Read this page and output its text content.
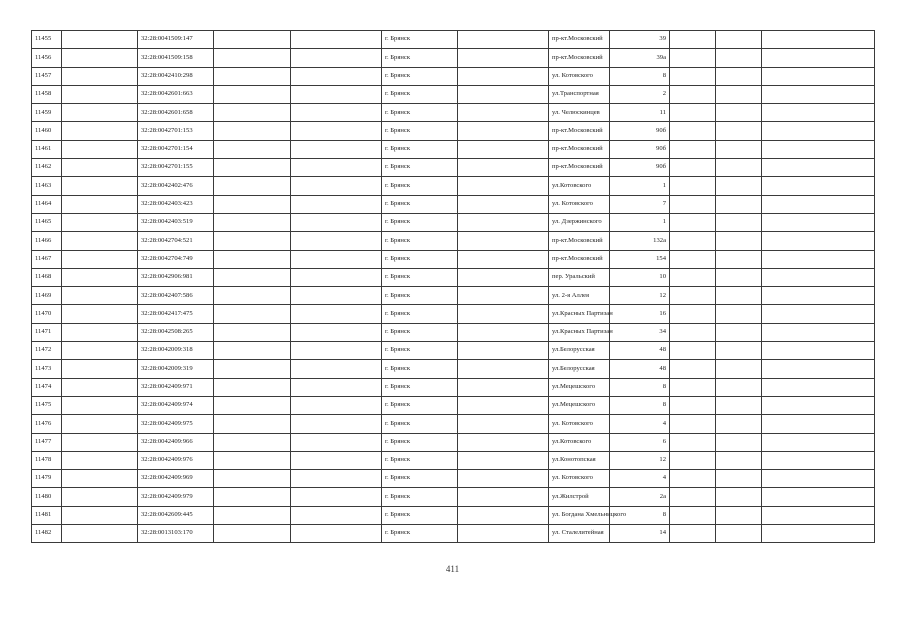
11455		32:28:0041509:147			г. Брянск		пр-кт.Московский	39			
11456		32:28:0041509:158			г. Брянск		пр-кт.Московский	39а			
11457		32:28:0042410:298			г. Брянск		ул. Котовского	8			
11458		32:28:0042601:663			г. Брянск		ул.Транспортная	2			
11459		32:28:0042601:658			г. Брянск		ул. Челюскинцев	11			
11460		32:28:0042701:153			г. Брянск		пр-кт.Московский	90б			
11461		32:28:0042701:154			г. Брянск		пр-кт.Московский	90б			
11462		32:28:0042701:155			г. Брянск		пр-кт.Московский	90б			
11463		32:28:0042402:476			г. Брянск		ул.Котовского	1			
11464		32:28:0042403:423			г. Брянск		ул. Котовского	7			
11465		32:28:0042403:519			г. Брянск		ул. Дзержинского	1			
11466		32:28:0042704:521			г. Брянск		пр-кт.Московский	132а			
11467		32:28:0042704:749			г. Брянск		пр-кт.Московский	154			
11468		32:28:0042906:981			г. Брянск		пер. Уральский	10			
11469		32:28:0042407:586			г. Брянск		ул. 2-я Аллея	12			
11470		32:28:0042417:475			г. Брянск		ул.Красных Партизан	16			
11471		32:28:0042508:265			г. Брянск		ул.Красных Партизан	34			
11472		32:28:0042009:318			г. Брянск		ул.Белорусская	48			
11473		32:28:0042009:319			г. Брянск		ул.Белорусская	48			
11474		32:28:0042409:971			г. Брянск		ул.Мецешского	8			
11475		32:28:0042409:974			г. Брянск		ул.Мецешского	8			
11476		32:28:0042409:975			г. Брянск		ул. Котовского	4			
11477		32:28:0042409:966			г. Брянск		ул.Котовского	6			
11478		32:28:0042409:976			г. Брянск		ул.Конотопская	12			
11479		32:28:0042409:969			г. Брянск		ул. Котовского	4			
11480		32:28:0042409:979			г. Брянск		ул.Жилстрой	2а			
11481		32:28:0042609:445			г. Брянск		ул. Богдана Хмельницкого	8			
11482		32:28:0013103:170			г. Брянск		ул. Сталелитейная	14			
411
